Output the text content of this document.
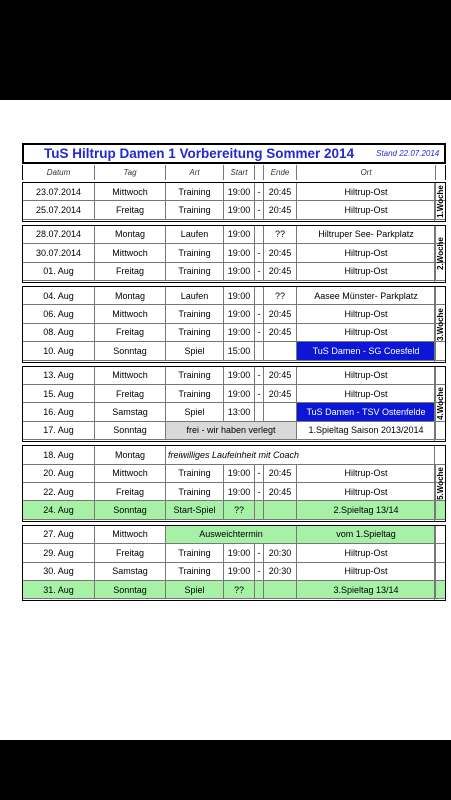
TuS Hiltrup Damen 1 Vorbereitung Sommer 2014	Stand 22.07.2014
Datum	Tag	Art	Start	Ende	Ort
23.07.2014	Mittwoch	Training	19:00 - 20:45	Hiltrup-Ost
25.07.2014	Freitag	Training	19:00 - 20:45	Hiltrup-Ost	1.Woche
28.07.2014	Montag	Laufen	19:00	??	Hiltruper See- Parkplatz
30.07.2014	Mittwoch	Training	19:00 - 20:45	Hiltrup-Ost
01. Aug	Freitag	Training	19:00 - 20:45	Hiltrup-Ost
2.Woche
04. Aug	Montag	Laufen	19:00	??	Aasee Münster- Parkplatz
06. Aug	Mittwoch	Training	19:00 - 20:45	Hiltrup-Ost
08. Aug	Freitag	Training	19:00 - 20:45	Hiltrup-Ost
10. Aug	Sonntag	Spiel	15:00	TuS Damen - SG Coesfeld
3.Woche
13. Aug	Mittwoch	Training	19:00 - 20:45	Hiltrup-Ost
15. Aug	Freitag	Training	19:00 - 20:45	Hiltrup-Ost
16. Aug	Samstag	Spiel	13:00	TuS Damen - TSV Ostenfelde
17. Aug	Sonntag	frei - wir haben verlegt	1.Spieltag Saison 2013/2014
4.Woche
18. Aug	Montag	freiwilliges Laufeinheit mit Coach
20. Aug	Mittwoch	Training	19:00 - 20:45	Hiltrup-Ost
22. Aug	Freitag	Training	19:00 - 20:45	Hiltrup-Ost
24. Aug	Sonntag	Start-Spiel	??	2.Spieltag 13/14
5.Woche
27. Aug	Mittwoch	Ausweichtermin	vom 1.Spieltag
29. Aug	Freitag	Training	19:00 - 20:30	Hiltrup-Ost
30. Aug	Samstag	Training	19:00 - 20:30	Hiltrup-Ost
31. Aug	Sonntag	Spiel	??	3.Spieltag 13/14
